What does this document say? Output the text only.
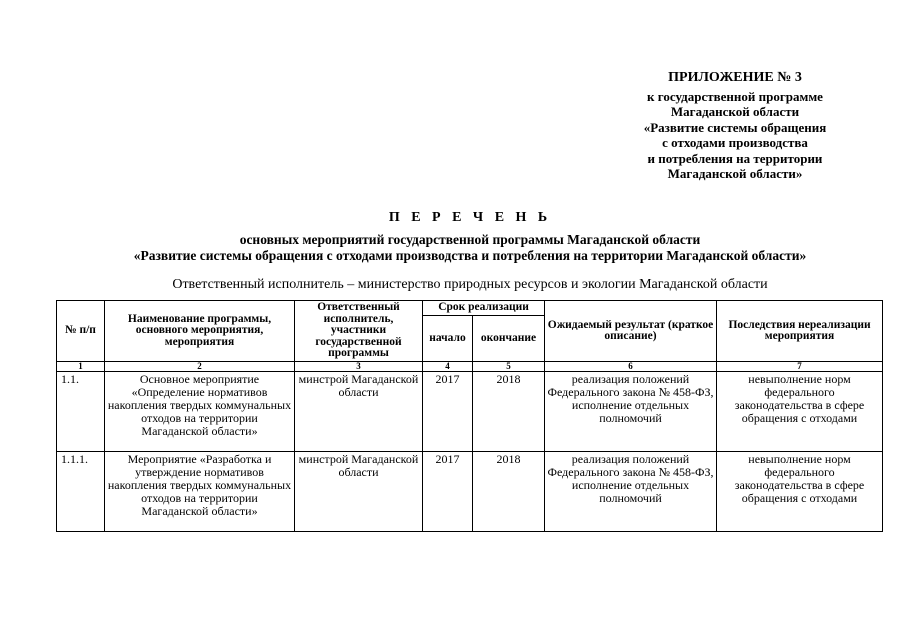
ПРИЛОЖЕНИЕ № 3
к государственной программе
Магаданской области
«Развитие системы обращения
с отходами производства
и потребления на территории
Магаданской области»
П Е Р Е Ч Е Н Ь
основных мероприятий государственной программы Магаданской области
«Развитие системы обращения с отходами производства и потребления на территории Магаданской области»
Ответственный исполнитель – министерство природных ресурсов и экологии Магаданской области
№ п/п	Наименование программы, основного мероприятия, мероприятия	Ответственный исполнитель, участники государственной программы	Срок реализации		Ожидаемый результат (краткое описание)	Последствия нереализации мероприятия
			начало	окончание		
1	2	3	4	5	6	7
1.1.	Основное мероприятие «Определение нормативов накопления твердых коммунальных отходов на территории Магаданской области»	минстрой Магаданской области	2017	2018	реализация положений Федерального закона № 458-ФЗ, исполнение отдельных полномочий	невыполнение норм федерального законодательства в сфере обращения с отходами
1.1.1.	Мероприятие «Разработка и утверждение нормативов накопления твердых коммунальных отходов на территории Магаданской области»	минстрой Магаданской области	2017	2018	реализация положений Федерального закона № 458-ФЗ, исполнение отдельных полномочий	невыполнение норм федерального законодательства в сфере обращения с отходами
